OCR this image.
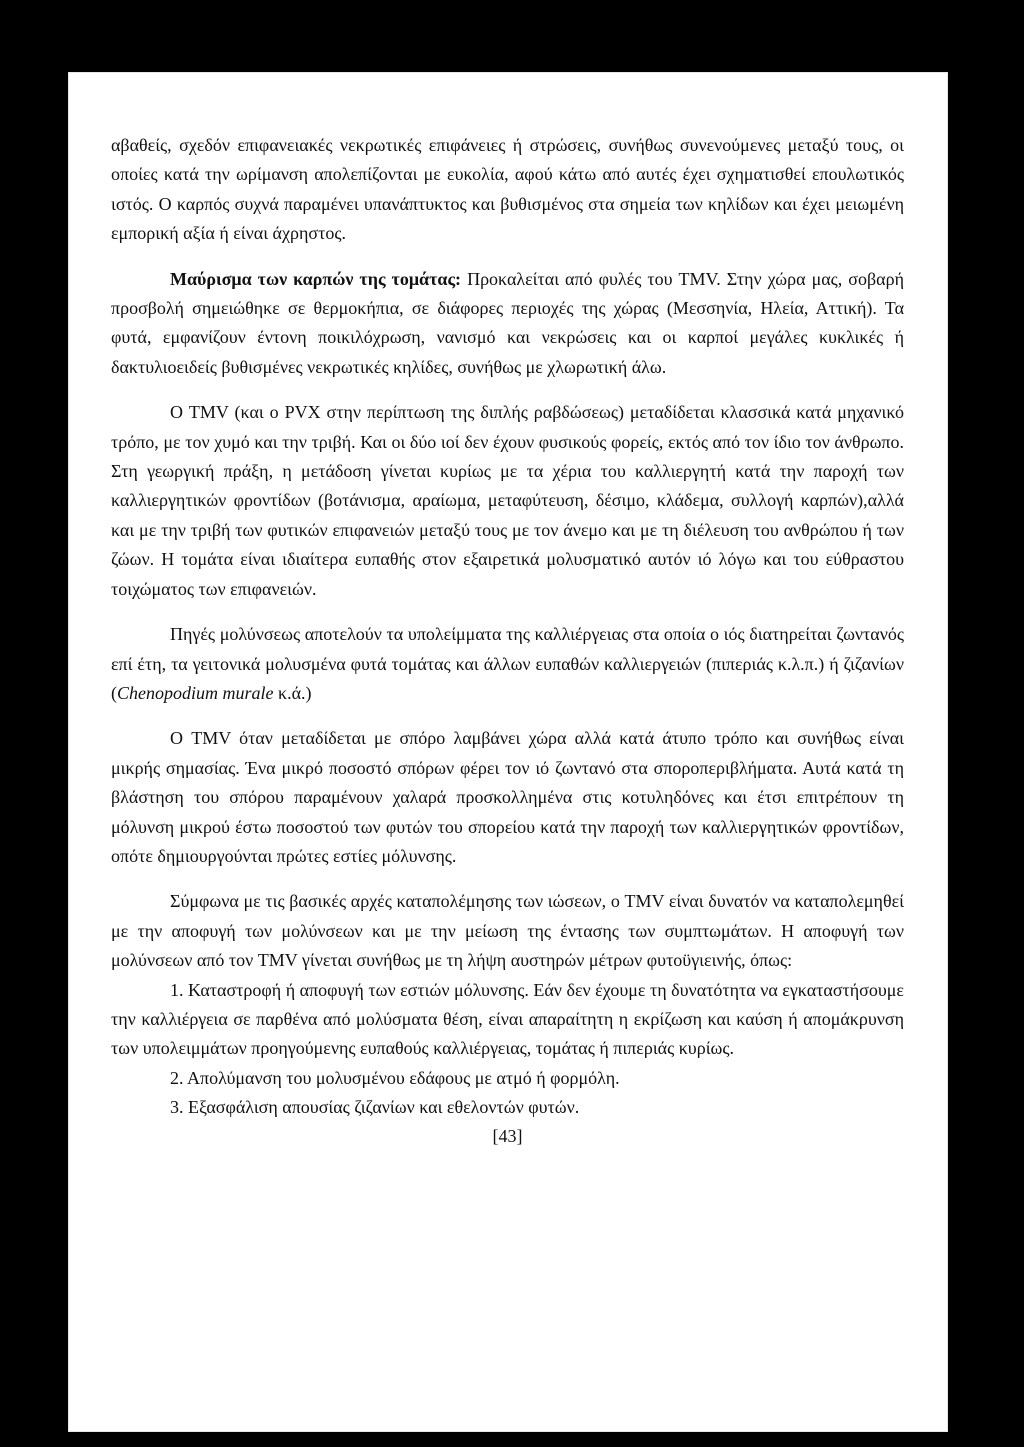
αβαθείς, σχεδόν επιφανειακές νεκρωτικές επιφάνειες ή στρώσεις, συνήθως συνενούμενες μεταξύ τους, οι οποίες κατά την ωρίμανση απολεπίζονται με ευκολία, αφού κάτω από αυτές έχει σχηματισθεί επουλωτικός ιστός. Ο καρπός συχνά παραμένει υπανάπτυκτος και βυθισμένος στα σημεία των κηλίδων και έχει μειωμένη εμπορική αξία ή είναι άχρηστος.

Μαύρισμα των καρπών της τομάτας: Προκαλείται από φυλές του TMV. Στην χώρα μας, σοβαρή προσβολή σημειώθηκε σε θερμοκήπια, σε διάφορες περιοχές της χώρας (Μεσσηνία, Ηλεία, Αττική). Τα φυτά, εμφανίζουν έντονη ποικιλόχρωση, νανισμό και νεκρώσεις και οι καρποί μεγάλες κυκλικές ή δακτυλιοειδείς βυθισμένες νεκρωτικές κηλίδες, συνήθως με χλωρωτική άλω.

Ο TMV (και ο PVX στην περίπτωση της διπλής ραβδώσεως) μεταδίδεται κλασσικά κατά μηχανικό τρόπο, με τον χυμό και την τριβή. Και οι δύο ιοί δεν έχουν φυσικούς φορείς, εκτός από τον ίδιο τον άνθρωπο. Στη γεωργική πράξη, η μετάδοση γίνεται κυρίως με τα χέρια του καλλιεργητή κατά την παροχή των καλλιεργητικών φροντίδων (βοτάνισμα, αραίωμα, μεταφύτευση, δέσιμο, κλάδεμα, συλλογή καρπών),αλλά και με την τριβή των φυτικών επιφανειών μεταξύ τους με τον άνεμο και με τη διέλευση του ανθρώπου ή των ζώων. Η τομάτα είναι ιδιαίτερα ευπαθής στον εξαιρετικά μολυσματικό αυτόν ιό λόγω και του εύθραστου τοιχώματος των επιφανειών.

Πηγές μολύνσεως αποτελούν τα υπολείμματα της καλλιέργειας στα οποία ο ιός διατηρείται ζωντανός επί έτη, τα γειτονικά μολυσμένα φυτά τομάτας και άλλων ευπαθών καλλιεργειών (πιπεριάς κ.λ.π.) ή ζιζανίων (Chenopodium murale κ.ά.)

Ο TMV όταν μεταδίδεται με σπόρο λαμβάνει χώρα αλλά κατά άτυπο τρόπο και συνήθως είναι μικρής σημασίας. Ένα μικρό ποσοστό σπόρων φέρει τον ιό ζωντανό στα σποροπεριβλήματα. Αυτά κατά τη βλάστηση του σπόρου παραμένουν χαλαρά προσκολλημένα στις κοτυληδόνες και έτσι επιτρέπουν τη μόλυνση μικρού έστω ποσοστού των φυτών του σπορείου κατά την παροχή των καλλιεργητικών φροντίδων, οπότε δημιουργούνται πρώτες εστίες μόλυνσης.

Σύμφωνα με τις βασικές αρχές καταπολέμησης των ιώσεων, ο TMV είναι δυνατόν να καταπολεμηθεί με την αποφυγή των μολύνσεων και με την μείωση της έντασης των συμπτωμάτων. Η αποφυγή των μολύνσεων από τον TMV γίνεται συνήθως με τη λήψη αυστηρών μέτρων φυτοϋγιεινής, όπως:

1. Καταστροφή ή αποφυγή των εστιών μόλυνσης. Εάν δεν έχουμε τη δυνατότητα να εγκαταστήσουμε την καλλιέργεια σε παρθένα από μολύσματα θέση, είναι απαραίτητη η εκρίζωση και καύση ή απομάκρυνση των υπολειμμάτων προηγούμενης ευπαθούς καλλιέργειας, τομάτας ή πιπεριάς κυρίως.

2. Απολύμανση του μολυσμένου εδάφους με ατμό ή φορμόλη.

3. Εξασφάλιση απουσίας ζιζανίων και εθελοντών φυτών.

[43]
